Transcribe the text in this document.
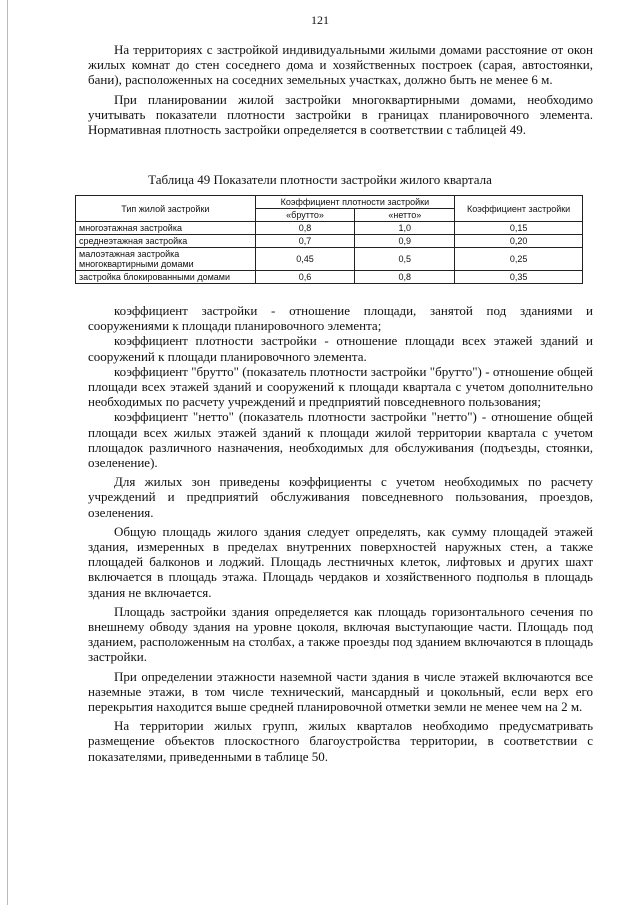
121

На территориях с застройкой индивидуальными жилыми домами расстояние от окон жилых комнат до стен соседнего дома и хозяйственных построек (сарая, автостоянки, бани), расположенных на соседних земельных участках, должно быть не менее 6 м.

При планировании жилой застройки многоквартирными домами, необходимо учитывать показатели плотности застройки в границах планировочного элемента. Нормативная плотность застройки определяется в соответствии с таблицей 49.

Таблица 49 Показатели плотности застройки жилого квартала
Тип жилой застройки	Коэффициент плотности застройки		Коэффициент застройки
	«брутто»	«нетто»	
многоэтажная застройка	0,8	1,0	0,15
среднеэтажная застройка	0,7	0,9	0,20
малоэтажная застройка многоквартирными домами	0,45	0,5	0,25
застройка блокированными домами	0,6	0,8	0,35

коэффициент застройки - отношение площади, занятой под зданиями и сооружениями к площади планировочного элемента;

коэффициент плотности застройки - отношение площади всех этажей зданий и сооружений к площади планировочного элемента.

коэффициент "брутто" (показатель плотности застройки "брутто") - отношение общей площади всех этажей зданий и сооружений к площади квартала с учетом дополнительно необходимых по расчету учреждений и предприятий повседневного пользования;

коэффициент "нетто" (показатель плотности застройки "нетто") - отношение общей площади всех жилых этажей зданий к площади жилой территории квартала с учетом площадок различного назначения, необходимых для обслуживания (подъезды, стоянки, озеленение).

Для жилых зон приведены коэффициенты с учетом необходимых по расчету учреждений и предприятий обслуживания повседневного пользования, проездов, озеленения.

Общую площадь жилого здания следует определять, как сумму площадей этажей здания, измеренных в пределах внутренних поверхностей наружных стен, а также площадей балконов и лоджий. Площадь лестничных клеток, лифтовых и других шахт включается в площадь этажа. Площадь чердаков и хозяйственного подполья в площадь здания не включается.

Площадь застройки здания определяется как площадь горизонтального сечения по внешнему обводу здания на уровне цоколя, включая выступающие части. Площадь под зданием, расположенным на столбах, а также проезды под зданием включаются в площадь застройки.

При определении этажности наземной части здания в числе этажей включаются все наземные этажи, в том числе технический, мансардный и цокольный, если верх его перекрытия находится выше средней планировочной отметки земли не менее чем на 2 м.

На территории жилых групп, жилых кварталов необходимо предусматривать размещение объектов плоскостного благоустройства территории, в соответствии с показателями, приведенными в таблице 50.
